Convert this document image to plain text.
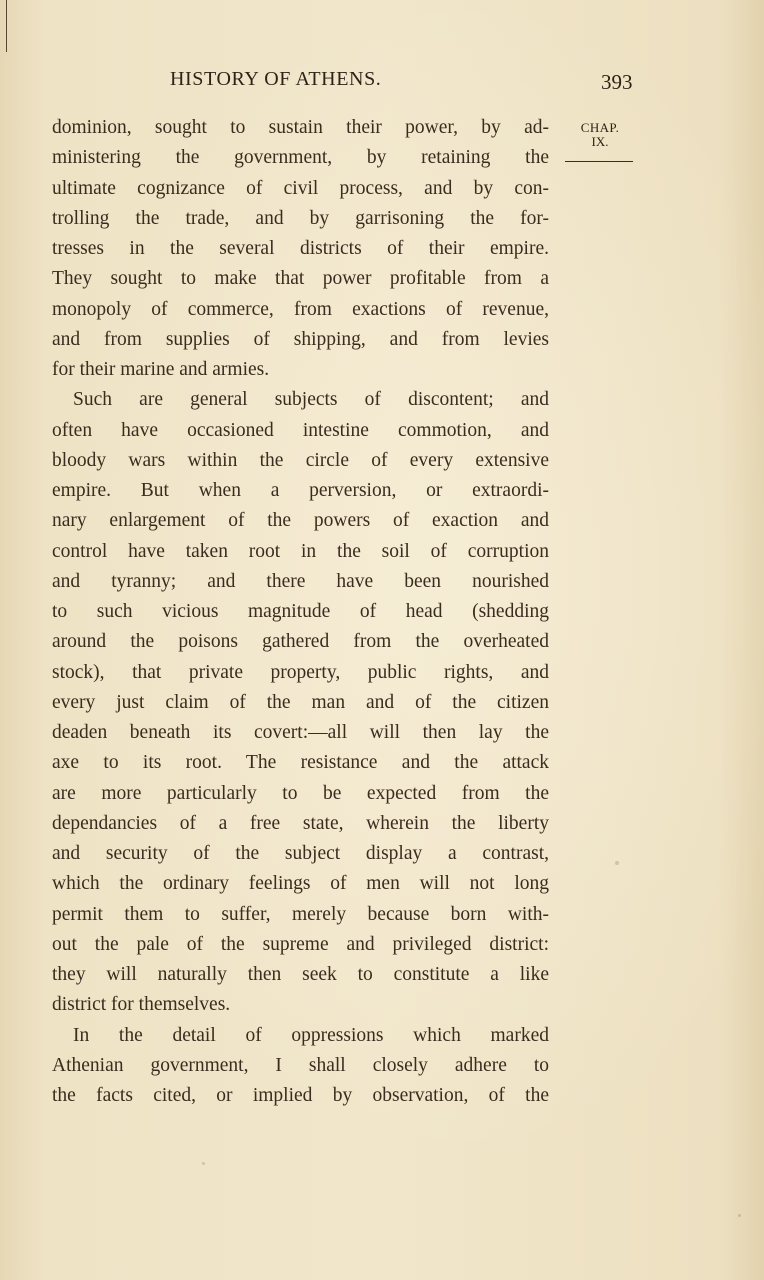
HISTORY OF ATHENS.	393
CHAP.
IX.
dominion, sought to sustain their power, by ad-
ministering the government, by retaining the
ultimate cognizance of civil process, and by con-
trolling the trade, and by garrisoning the for-
tresses in the several districts of their empire.
They sought to make that power profitable from a
monopoly of commerce, from exactions of revenue,
and from supplies of shipping, and from levies
for their marine and armies.
Such are general subjects of discontent; and
often have occasioned intestine commotion, and
bloody wars within the circle of every extensive
empire. But when a perversion, or extraordi-
nary enlargement of the powers of exaction and
control have taken root in the soil of corruption
and tyranny; and there have been nourished
to such vicious magnitude of head (shedding
around the poisons gathered from the overheated
stock), that private property, public rights, and
every just claim of the man and of the citizen
deaden beneath its covert:—all will then lay the
axe to its root. The resistance and the attack
are more particularly to be expected from the
dependancies of a free state, wherein the liberty
and security of the subject display a contrast,
which the ordinary feelings of men will not long
permit them to suffer, merely because born with-
out the pale of the supreme and privileged district:
they will naturally then seek to constitute a like
district for themselves.
In the detail of oppressions which marked
Athenian government, I shall closely adhere to
the facts cited, or implied by observation, of the
